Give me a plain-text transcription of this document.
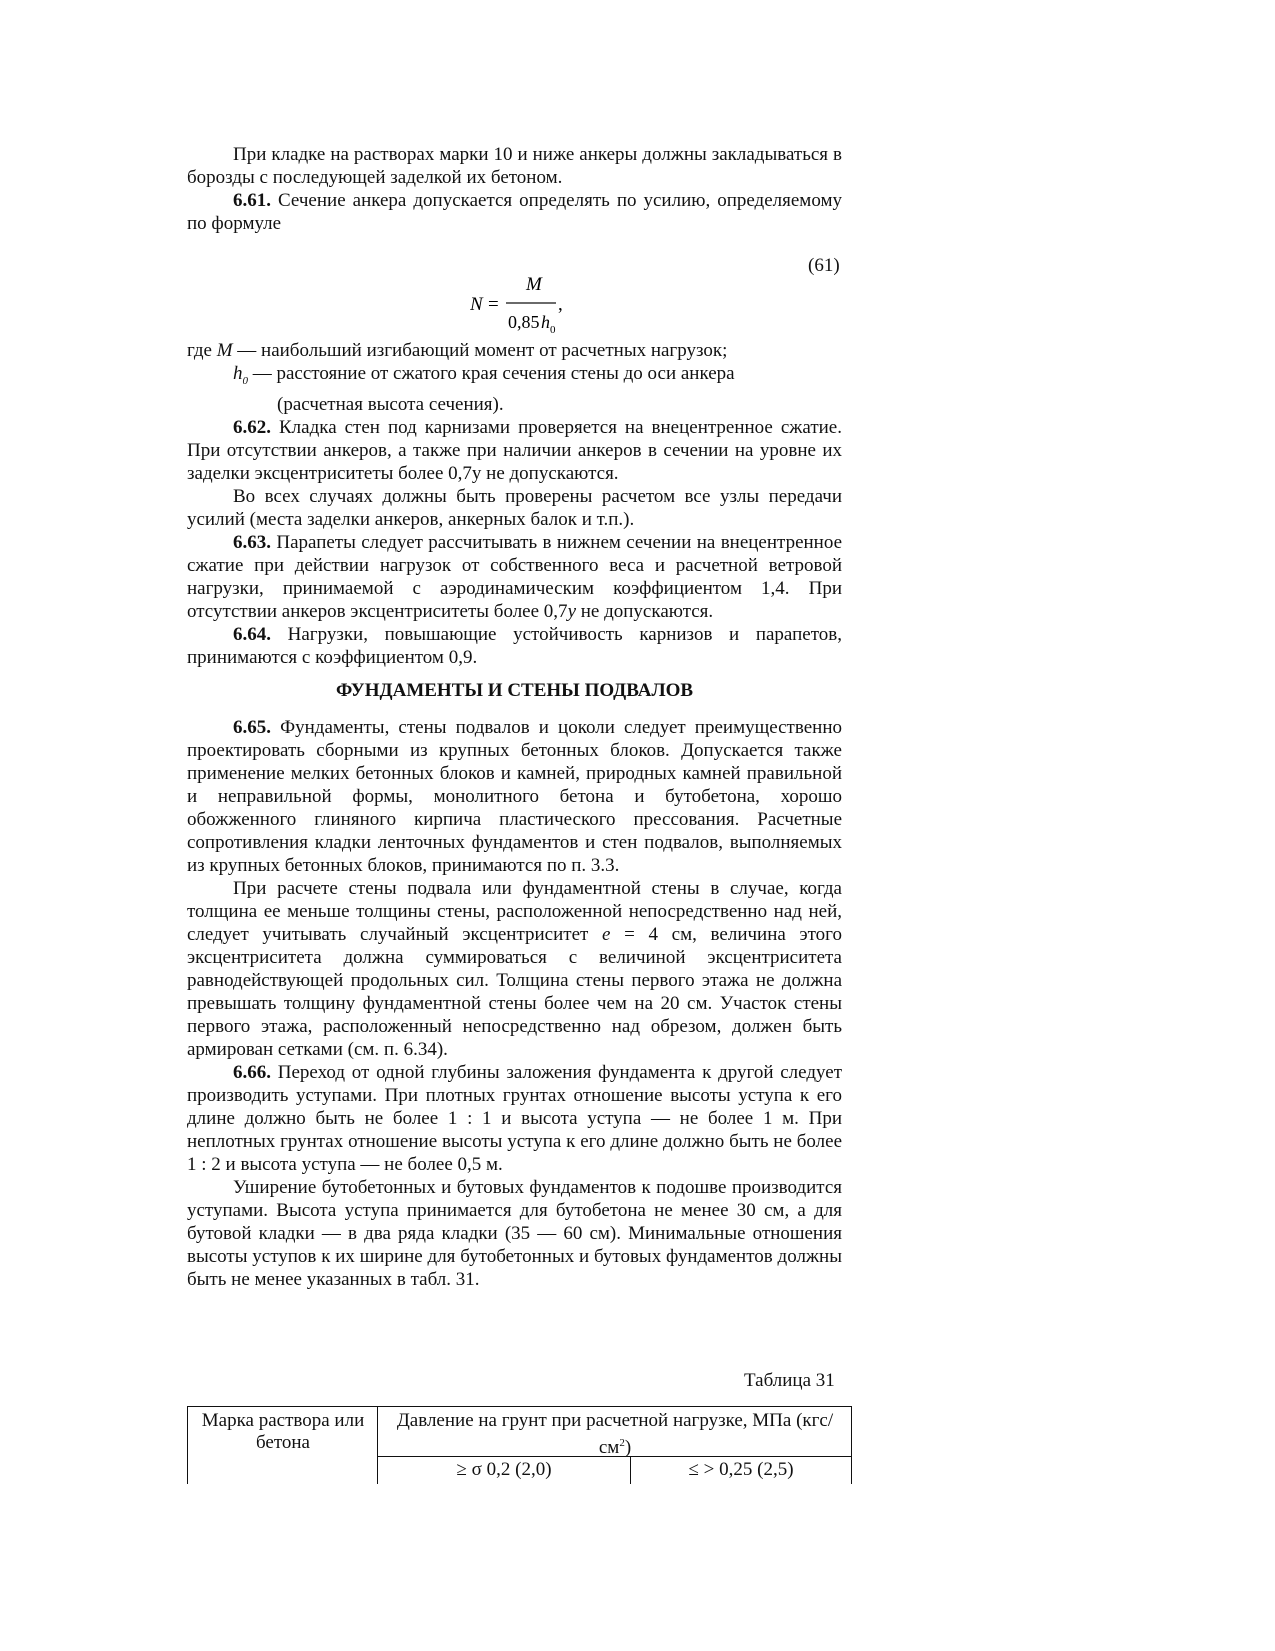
При кладке на растворах марки 10 и ниже анкеры должны закладываться в борозды с последующей заделкой их бетоном.

6.61. Сечение анкера допускается определять по усилию, определяемому по формуле

(61)
N =
M
0,85 h 0
,

где M — наибольший изгибающий момент от расчетных нагрузок;

$h_0$ — расстояние от сжатого края сечения стены до оси анкера
(расчетная высота сечения).

6.62. Кладка стен под карнизами проверяется на внецентренное сжатие. При отсутствии анкеров, а также при наличии анкеров в сечении на уровне их заделки эксцентриситеты более 0,7y не допускаются.

Во всех случаях должны быть проверены расчетом все узлы передачи усилий (места заделки анкеров, анкерных балок и т.п.).

6.63. Парапеты следует рассчитывать в нижнем сечении на внецентренное сжатие при действии нагрузок от собственного веса и расчетной ветровой нагрузки, принимаемой с аэродинамическим коэффициентом 1,4. При отсутствии анкеров эксцентриситеты более 0,7y не допускаются.

6.64. Нагрузки, повышающие устойчивость карнизов и парапетов, принимаются с коэффициентом 0,9.

ФУНДАМЕНТЫ И СТЕНЫ ПОДВАЛОВ

6.65. Фундаменты, стены подвалов и цоколи следует преимущественно проектировать сборными из крупных бетонных блоков. Допускается также применение мелких бетонных блоков и камней, природных камней правильной и неправильной формы, монолитного бетона и бутобетона, хорошо обожженного глиняного кирпича пластического прессования. Расчетные сопротивления кладки ленточных фундаментов и стен подвалов, выполняемых из крупных бетонных блоков, принимаются по п. 3.3.

При расчете стены подвала или фундаментной стены в случае, когда толщина ее меньше толщины стены, расположенной непосредственно над ней, следует учитывать случайный эксцентриситет e = 4 см, величина этого эксцентриситета должна суммироваться с величиной эксцентриситета равнодействующей продольных сил. Толщина стены первого этажа не должна превышать толщину фундаментной стены более чем на 20 см. Участок стены первого этажа, расположенный непосредственно над обрезом, должен быть армирован сетками (см. п. 6.34).

6.66. Переход от одной глубины заложения фундамента к другой следует производить уступами. При плотных грунтах отношение высоты уступа к его длине должно быть не более 1 : 1 и высота уступа — не более 1 м. При неплотных грунтах отношение высоты уступа к его длине должно быть не более 1 : 2 и высота уступа — не более 0,5 м.

Уширение бутобетонных и бутовых фундаментов к подошве производится уступами. Высота уступа принимается для бутобетона не менее 30 см, а для бутовой кладки — в два ряда кладки (35 — 60 см). Минимальные отношения высоты уступов к их ширине для бутобетонных и бутовых фундаментов должны быть не менее указанных в табл. 31.

Таблица 31
Марка раствора или бетона
Давление на грунт при расчетной нагрузке, МПа $(кгс/см^2)$
≥ σ 0,2 (2,0)	≤ > 0,25 (2,5)
